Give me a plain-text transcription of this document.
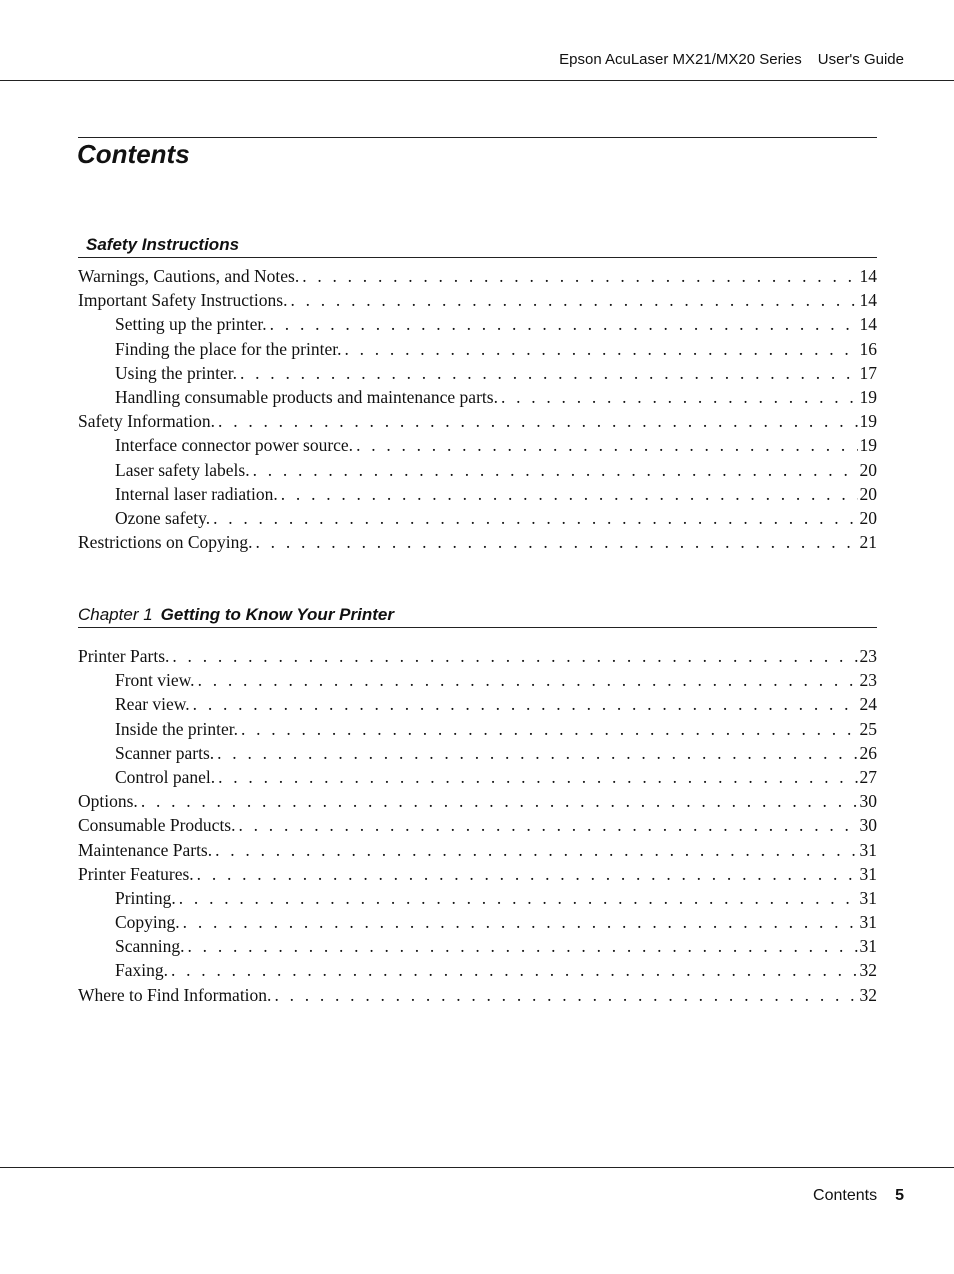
Epson AcuLaser MX21/MX20 Series User's Guide
Contents
Safety Instructions
Warnings, Cautions, and Notes. . . .	14
Important Safety Instructions. . . .	14
Setting up the printer. . . .	14
Finding the place for the printer. . . .	16
Using the printer. . . .	17
Handling consumable products and maintenance parts. . . .	19
Safety Information. . . .	19
Interface connector power source. . . .	19
Laser safety labels. . . .	20
Internal laser radiation. . . .	20
Ozone safety. . . .	20
Restrictions on Copying. . . .	21
Chapter 1 Getting to Know Your Printer
Printer Parts. . . .	23
Front view. . . .	23
Rear view. . . .	24
Inside the printer. . . .	25
Scanner parts. . . .	26
Control panel. . . .	27
Options. . . .	30
Consumable Products. . . .	30
Maintenance Parts. . . .	31
Printer Features. . . .	31
Printing. . . .	31
Copying. . . .	31
Scanning. . . .	31
Faxing. . . .	32
Where to Find Information. . . .	32
Contents 5
